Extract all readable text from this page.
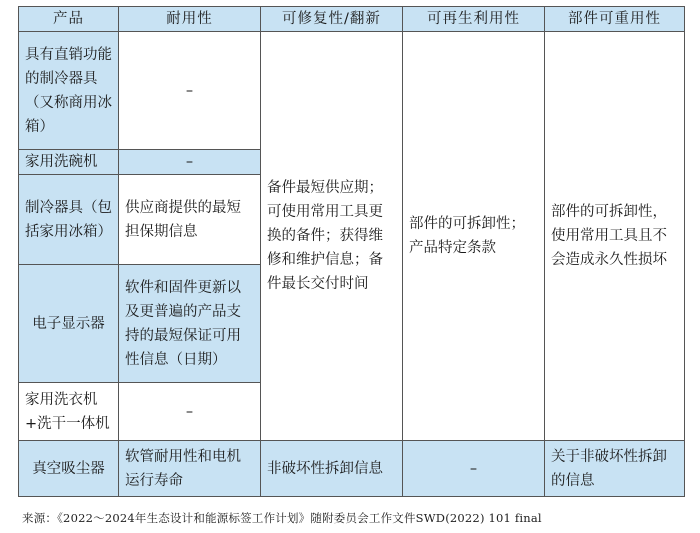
产品	耐用性	可修复性/翻新	可再生利用性	部件可重用性
具有直销功能的制冷器具（又称商用冰箱）	–	备件最短供应期；可使用常用工具更换的备件；获得维修和维护信息；备件最长交付时间	部件的可拆卸性；产品特定条款	部件的可拆卸性，使用常用工具且不会造成永久性损坏
家用洗碗机	–			
制冷器具（包括家用冰箱）	供应商提供的最短担保期信息			
电子显示器	软件和固件更新以及更普遍的产品支持的最短保证可用性信息（日期）			
家用洗衣机+洗干一体机	–			
真空吸尘器	软管耐用性和电机运行寿命	非破坏性拆卸信息	–	关于非破坏性拆卸的信息
来源：《2022～2024年生态设计和能源标签工作计划》随附委员会工作文件SWD(2022) 101 final
